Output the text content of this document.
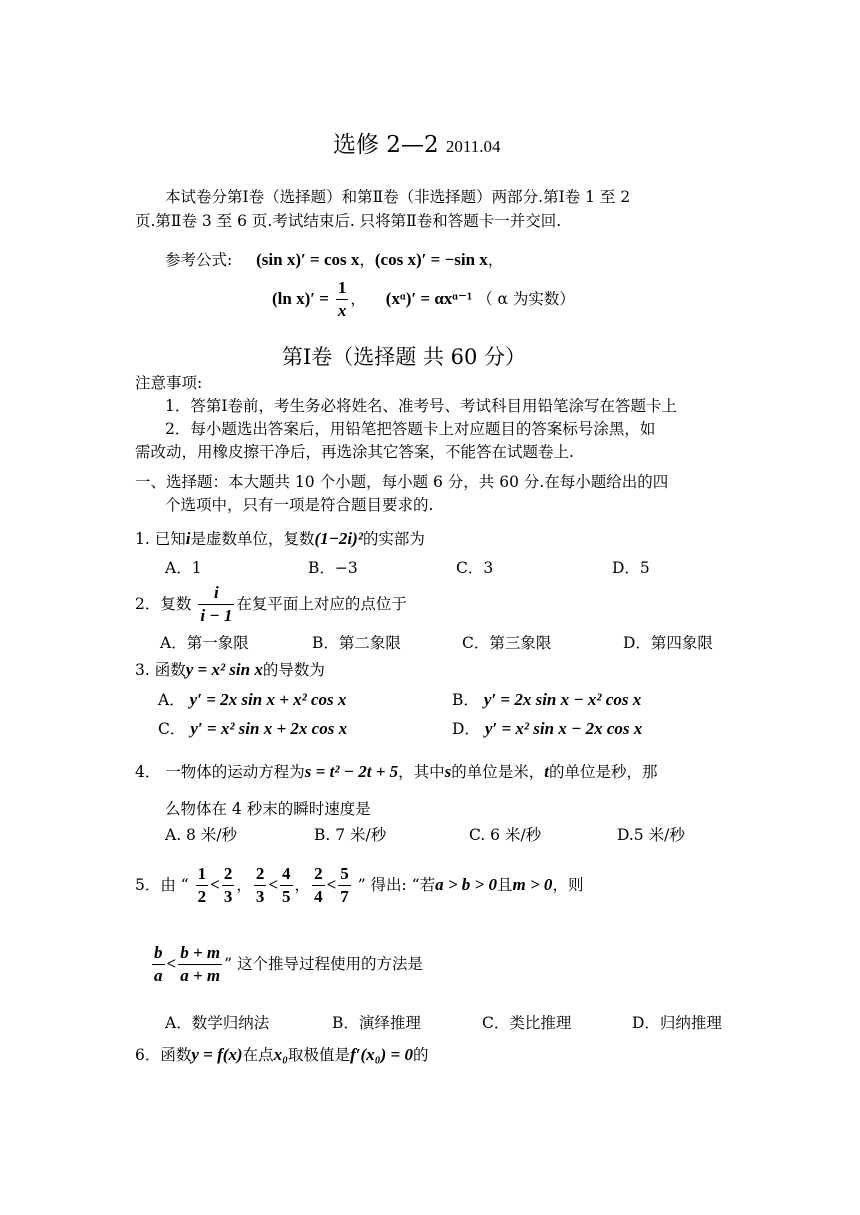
选修 2—2 2011.04
本试卷分第Ⅰ卷（选择题）和第Ⅱ卷（非选择题）两部分.第Ⅰ卷 1 至 2
页.第Ⅱ卷 3 至 6 页.考试结束后. 只将第Ⅱ卷和答题卡一并交回.
参考公式: (sin x)′ = cos x，(cos x)′ = −sin x，
(ln $x)' = \frac{1}{x}$ ， (xᵅ)′ = αxᵅ⁻¹ （ α 为实数）
第Ⅰ卷（选择题 共 60 分）
注意事项:
1．答第Ⅰ卷前，考生务必将姓名、准考号、考试科目用铅笔涂写在答题卡上
2．每小题选出答案后，用铅笔把答题卡上对应题目的答案标号涂黑，如
需改动，用橡皮擦干净后，再选涂其它答案，不能答在试题卷上.
一、选择题：本大题共 10 个小题，每小题 6 分，共 60 分.在每小题给出的四
个选项中，只有一项是符合题目要求的.
1. 已知i是虚数单位，复数(1−2i)²的实部为
A．1	B．−3	C．3	D．5
2．复数 $\frac{i}{i - 1}$ 在复平面上对应的点位于
A．第一象限	B．第二象限	C．第三象限	D．第四象限
3. 函数y = x² sin x的导数为
A． y′ = 2x sin x + x² cos x	B． y′ = 2x sin x − x² cos x
C． y′ = x² sin x + 2x cos x	D． y′ = x² sin x − 2x cos x
4． 一物体的运动方程为s = t² − 2t + 5，其中s的单位是米，t的单位是秒，那
么物体在 4 秒末的瞬时速度是
A. 8 米/秒	B. 7 米/秒	C. 6 米/秒	D.5 米/秒
5．由 “ $\frac{1}{2} < \frac{2}{3}$ ， $\frac{2}{3} < \frac{4}{5}$ ， $\frac{2}{4} < \frac{5}{7}$ ” 得出: “若a > b > 0且m > 0，则
$\frac{b}{a} < \frac{b + m}{a + m}$ ” 这个推导过程使用的方法是
A．数学归纳法	B．演绎推理	C．类比推理	D．归纳推理
6．函数y = f(x)在点x₀取极值是f′(x₀) = 0的
